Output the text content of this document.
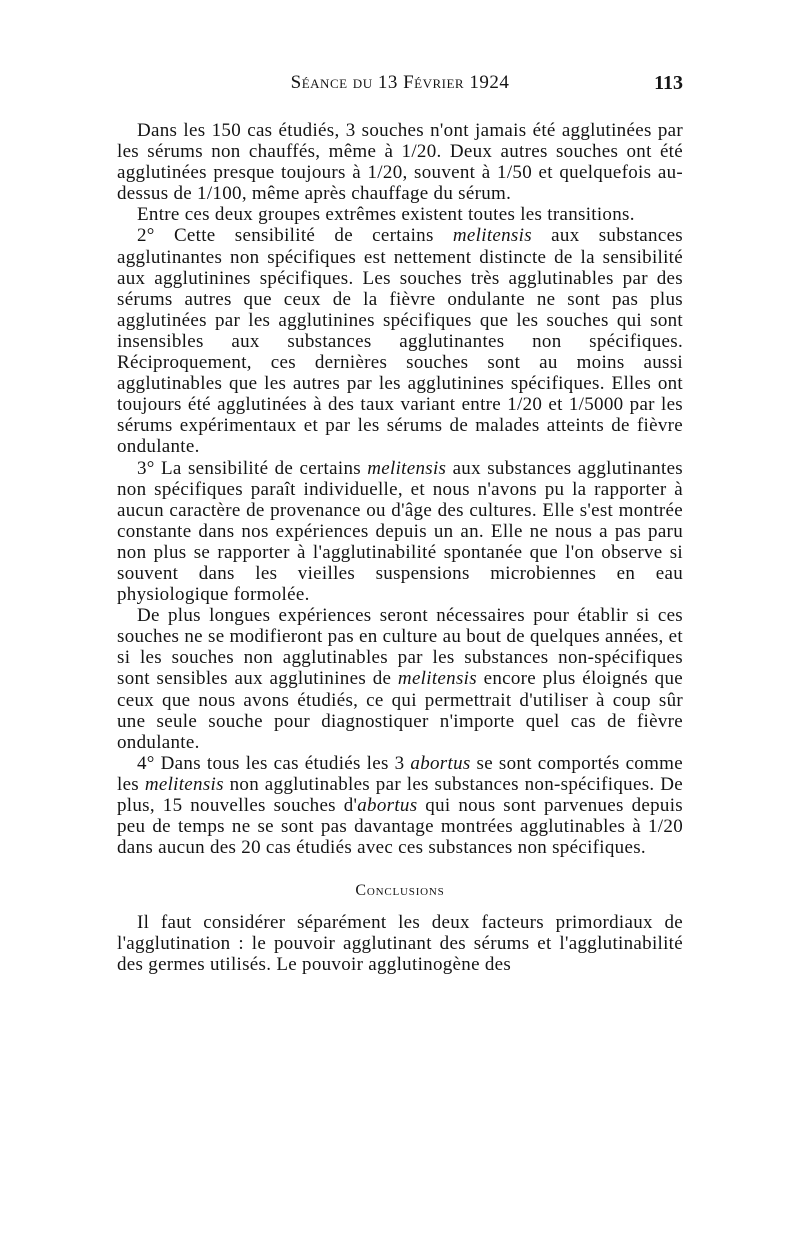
Séance du 13 Février 1924	113

Dans les 150 cas étudiés, 3 souches n'ont jamais été agglutinées par les sérums non chauffés, même à 1/20. Deux autres souches ont été agglutinées presque toujours à 1/20, souvent à 1/50 et quelquefois au-dessus de 1/100, même après chauffage du sérum.

Entre ces deux groupes extrêmes existent toutes les transitions.

2° Cette sensibilité de certains melitensis aux substances agglutinantes non spécifiques est nettement distincte de la sensibilité aux agglutinines spécifiques. Les souches très agglutinables par des sérums autres que ceux de la fièvre ondulante ne sont pas plus agglutinées par les agglutinines spécifiques que les souches qui sont insensibles aux substances agglutinantes non spécifiques. Réciproquement, ces dernières souches sont au moins aussi agglutinables que les autres par les agglutinines spécifiques. Elles ont toujours été agglutinées à des taux variant entre 1/20 et 1/5000 par les sérums expérimentaux et par les sérums de malades atteints de fièvre ondulante.

3° La sensibilité de certains melitensis aux substances agglutinantes non spécifiques paraît individuelle, et nous n'avons pu la rapporter à aucun caractère de provenance ou d'âge des cultures. Elle s'est montrée constante dans nos expériences depuis un an. Elle ne nous a pas paru non plus se rapporter à l'agglutinabilité spontanée que l'on observe si souvent dans les vieilles suspensions microbiennes en eau physiologique formolée.

De plus longues expériences seront nécessaires pour établir si ces souches ne se modifieront pas en culture au bout de quelques années, et si les souches non agglutinables par les substances non-spécifiques sont sensibles aux agglutinines de melitensis encore plus éloignés que ceux que nous avons étudiés, ce qui permettrait d'utiliser à coup sûr une seule souche pour diagnostiquer n'importe quel cas de fièvre ondulante.

4° Dans tous les cas étudiés les 3 abortus se sont comportés comme les melitensis non agglutinables par les substances non-spécifiques. De plus, 15 nouvelles souches d'abortus qui nous sont parvenues depuis peu de temps ne se sont pas davantage montrées agglutinables à 1/20 dans aucun des 20 cas étudiés avec ces substances non spécifiques.

Conclusions

Il faut considérer séparément les deux facteurs primordiaux de l'agglutination : le pouvoir agglutinant des sérums et l'agglutinabilité des germes utilisés. Le pouvoir agglutinogène des
